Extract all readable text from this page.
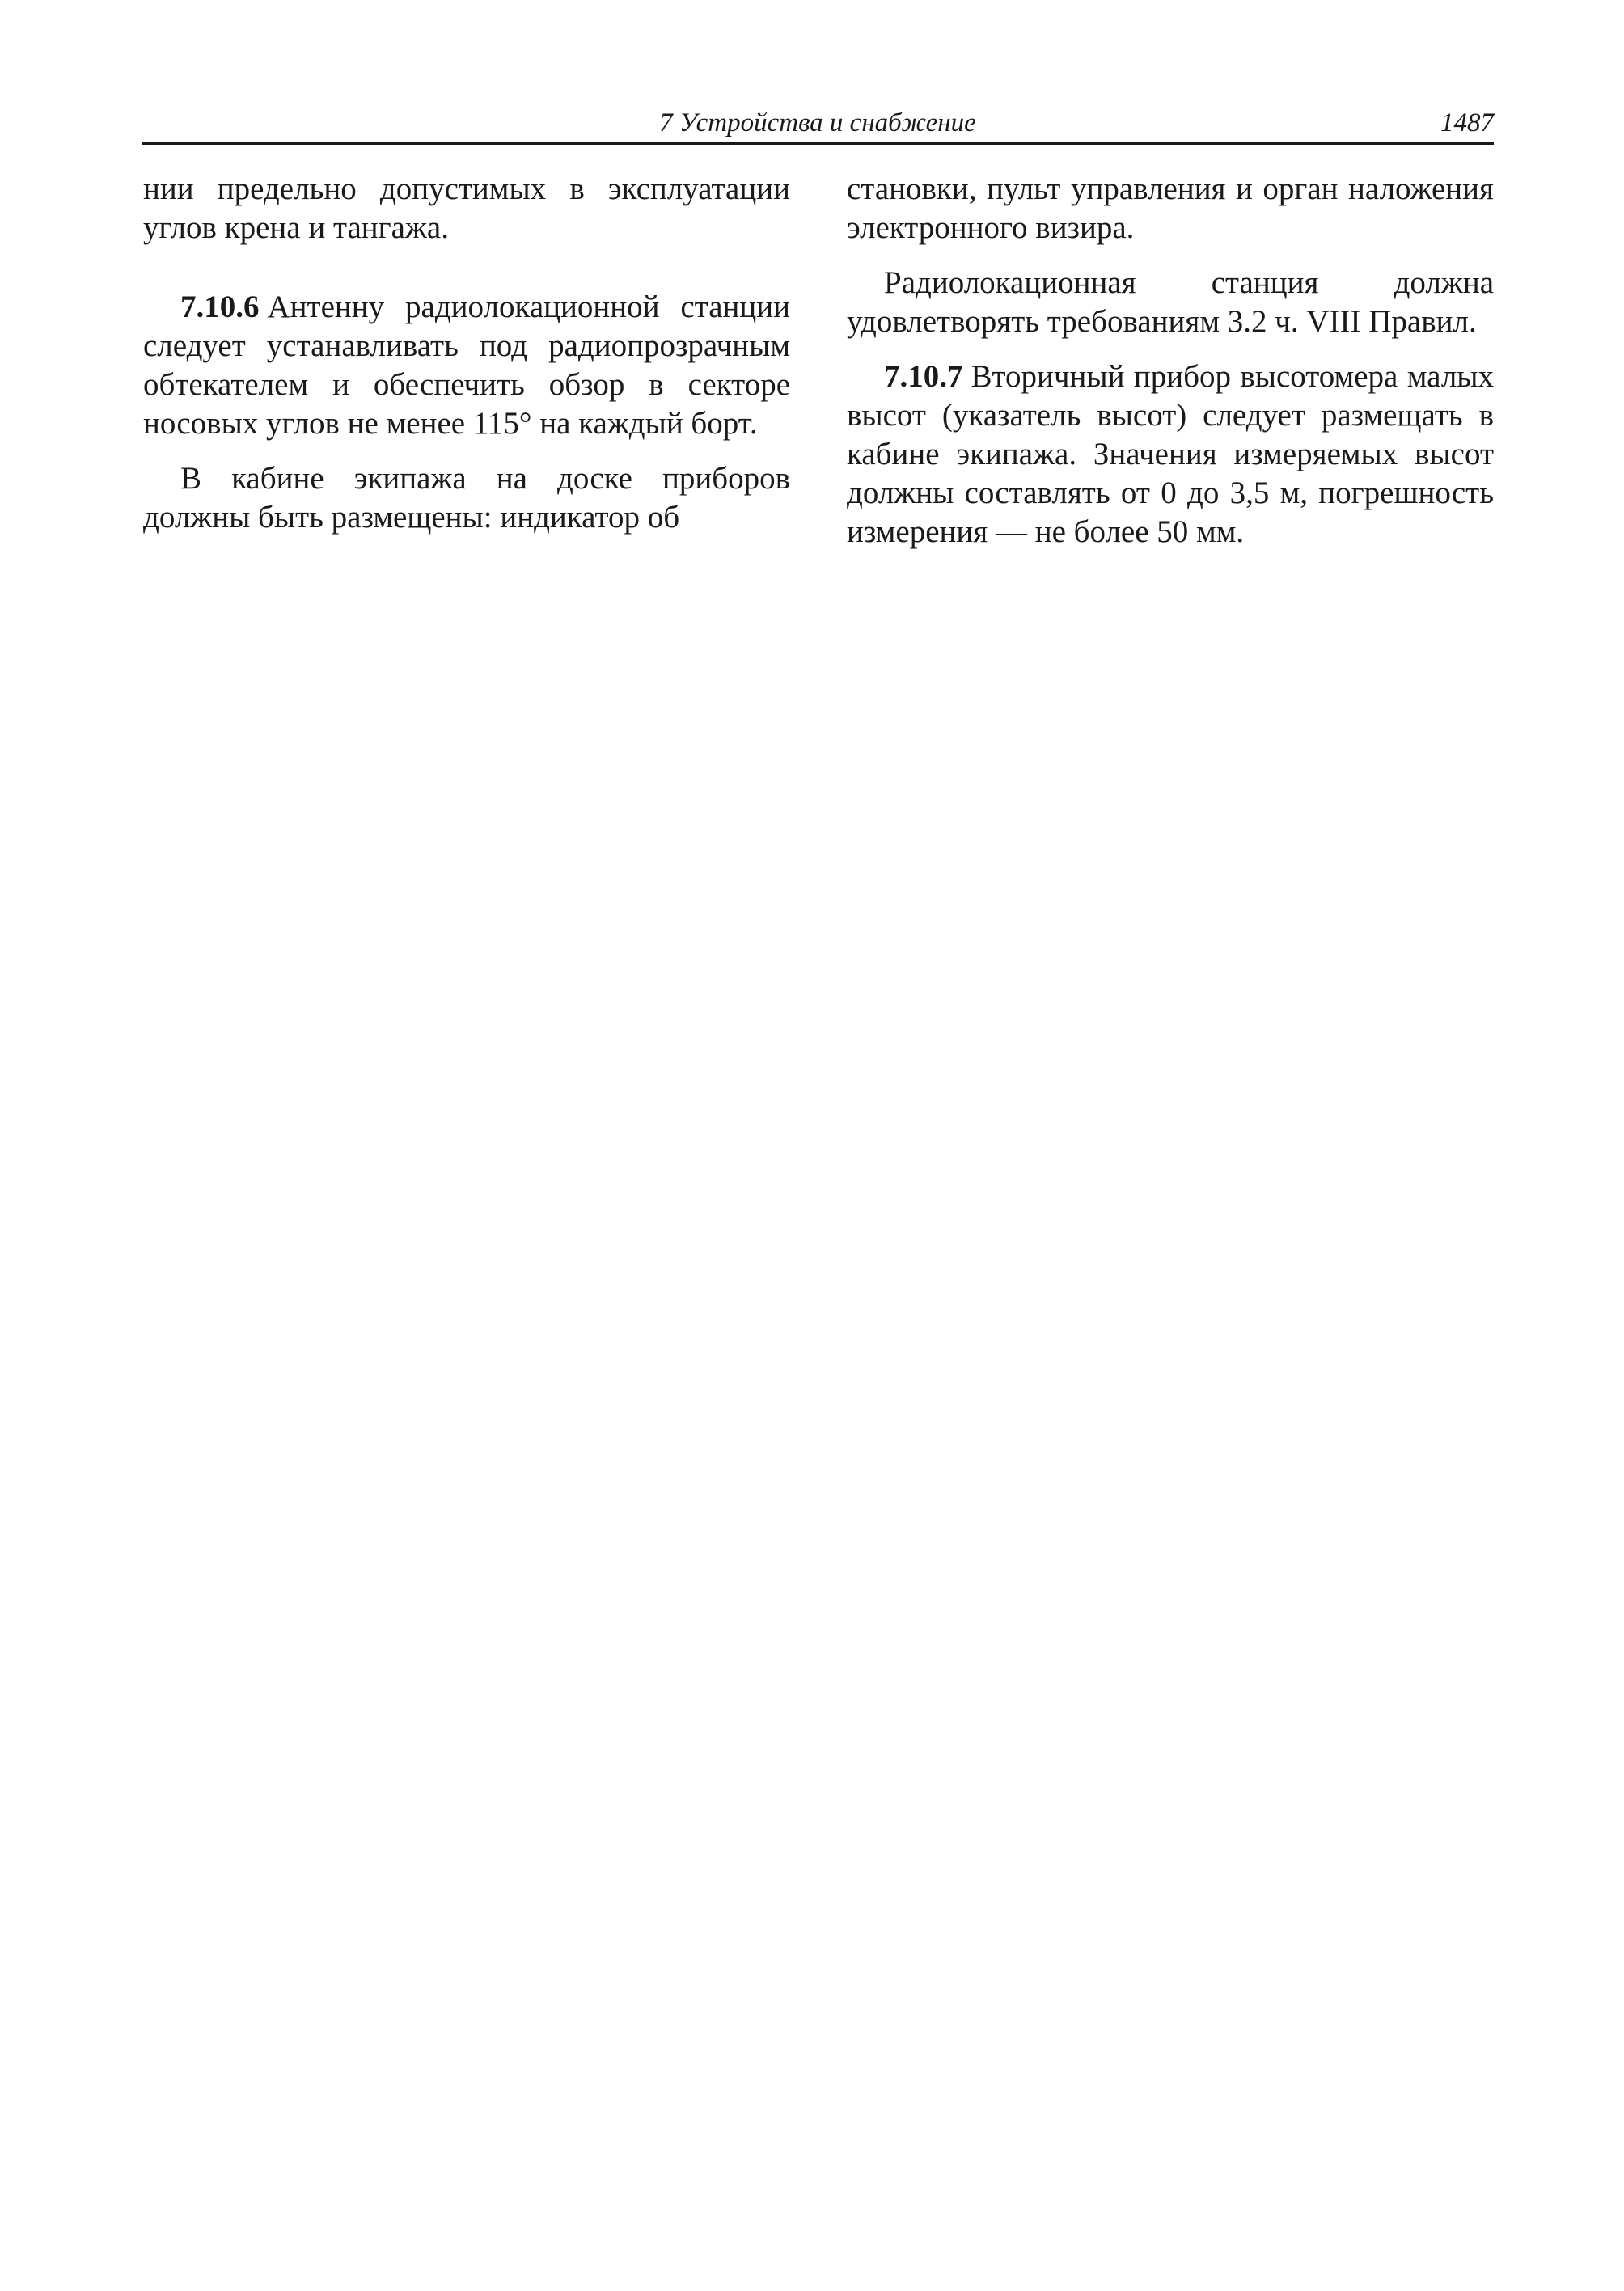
7 Устройства и снабжение	1487

нии предельно допустимых в эксплуатации углов крена и тангажа.

7.10.6 Антенну радиолокационной станции следует устанавливать под радиопрозрачным обтекателем и обеспечить обзор в секторе носовых углов не менее 115° на каждый борт.

В кабине экипажа на доске приборов должны быть размещены: индикатор об

становки, пульт управления и орган наложения электронного визира.

Радиолокационная станция должна удовлетворять требованиям 3.2 ч. VIII Правил.

7.10.7 Вторичный прибор высотомера малых высот (указатель высот) следует размещать в кабине экипажа. Значения измеряемых высот должны составлять от 0 до 3,5 м, погрешность измерения — не более 50 мм.
